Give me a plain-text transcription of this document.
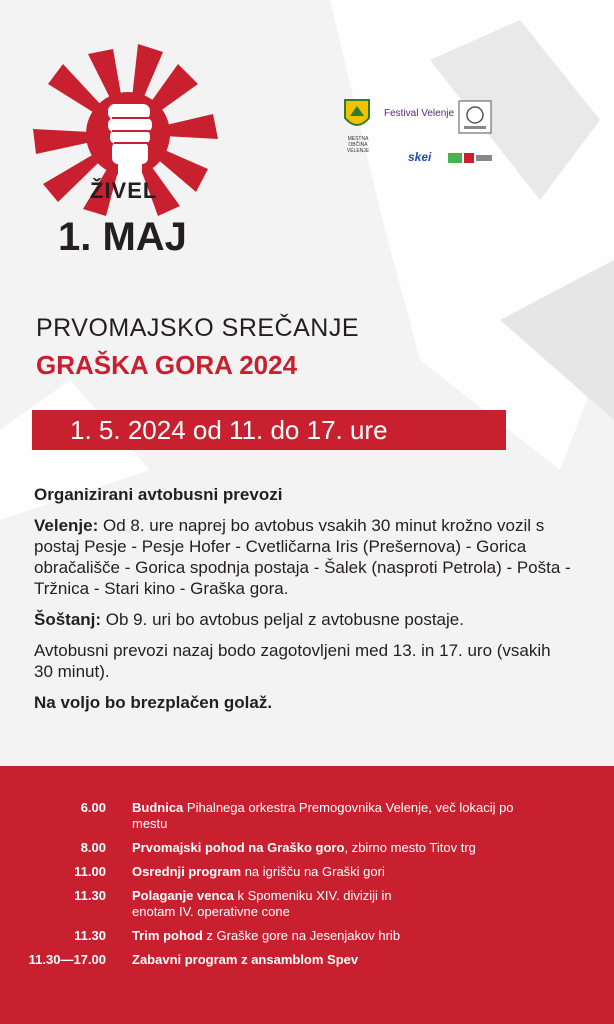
ŽIVEL
1. MAJ
MESTNA OBČINA VELENJE
Festival Velenje
skei
PRVOMAJSKO SREČANJE
GRAŠKA GORA 2024
1. 5. 2024 od 11. do 17. ure
Organizirani avtobusni prevozi

Velenje: Od 8. ure naprej bo avtobus vsakih 30 minut krožno vozil s postaj Pesje - Pesje Hofer - Cvetličarna Iris (Prešernova) - Gorica obračališče - Gorica spodnja postaja - Šalek (nasproti Petrola) - Pošta - Tržnica - Stari kino - Graška gora.

Šoštanj: Ob 9. uri bo avtobus peljal z avtobusne postaje.

Avtobusni prevozi nazaj bodo zagotovljeni med 13. in 17. uro (vsakih 30 minut).

Na voljo bo brezplačen golaž.

6.00	Budnica Pihalnega orkestra Premogovnika Velenje, več lokacij po mestu
8.00	Prvomajski pohod na Graško goro, zbirno mesto Titov trg
11.00	Osrednji program na igrišču na Graški gori
11.30	Polaganje venca k Spomeniku XIV. diviziji in enotam IV. operativne cone
11.30	Trim pohod z Graške gore na Jesenjakov hrib
11.30—17.00	Zabavni program z ansamblom Spev
